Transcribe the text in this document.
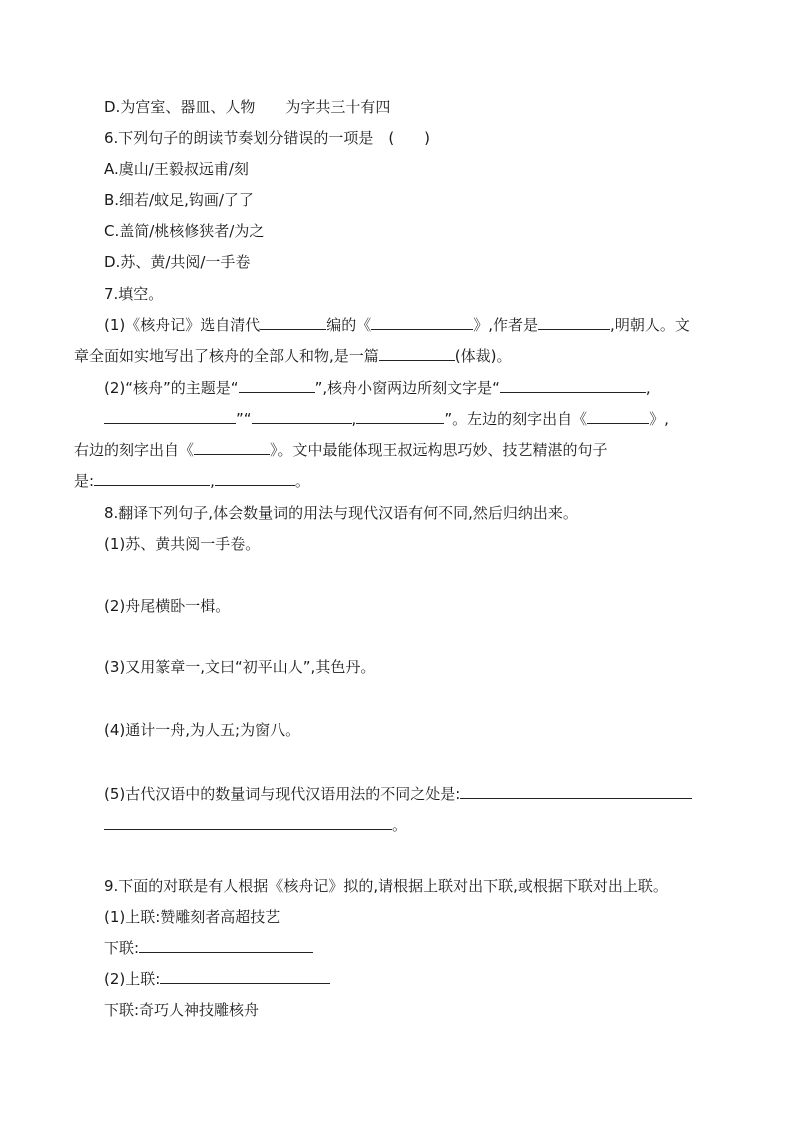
D.为宫室、器皿、人物　　为字共三十有四
6.下列句子的朗读节奏划分错误的一项是　(　　)
A.虞山/王毅叔远甫/刻
B.细若/蚊足,钩画/了了
C.盖简/桃核修狭者/为之
D.苏、黄/共阅/一手卷
7.填空。
(1)《核舟记》选自清代	编的《	》,作者是	,明朝人。文
章全面如实地写出了核舟的全部人和物,是一篇	(体裁)。
(2)“核舟”的主题是“	”,核舟小窗两边所刻文字是“	,
”“	,	”。左边的刻字出自《	》,
右边的刻字出自《	》。文中最能体现王叔远构思巧妙、技艺精湛的句子
是:	,	。
8.翻译下列句子,体会数量词的用法与现代汉语有何不同,然后归纳出来。
(1)苏、黄共阅一手卷。
(2)舟尾横卧一楫。
(3)又用篆章一,文曰“初平山人”,其色丹。
(4)通计一舟,为人五;为窗八。
(5)古代汉语中的数量词与现代汉语用法的不同之处是:
。
9.下面的对联是有人根据《核舟记》拟的,请根据上联对出下联,或根据下联对出上联。
(1)上联:赞雕刻者高超技艺
下联:
(2)上联:
下联:奇巧人神技雕核舟
